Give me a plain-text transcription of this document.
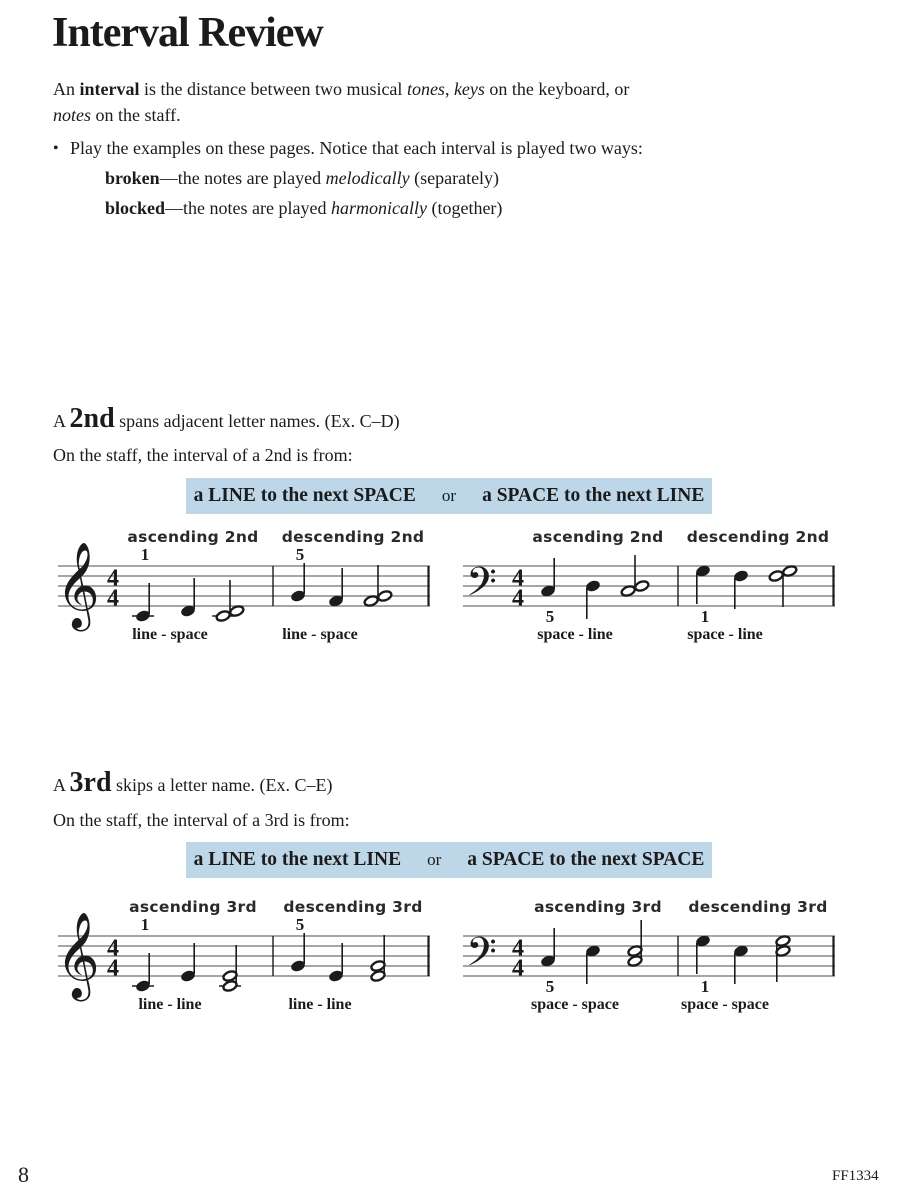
Interval Review
An interval is the distance between two musical tones, keys on the keyboard, or
notes on the staff.
• Play the examples on these pages. Notice that each interval is played two ways:
broken—the notes are played melodically (separately)
blocked—the notes are played harmonically (together)
A 2nd spans adjacent letter names. (Ex. C–D)
On the staff, the interval of a 2nd is from:
a LINE to the next SPACE or a SPACE to the next LINE
𝄞 4
4
ascending 2nd descending 2nd
1
line - space
5
line - space
𝄢 4
4
ascending 2nd descending 2nd
5
space - line
1
space - line
A 3rd skips a letter name. (Ex. C–E)
On the staff, the interval of a 3rd is from:
a LINE to the next LINE or a SPACE to the next SPACE
𝄞 4
4
ascending 3rd descending 3rd
1
line - line
5
line - line
𝄢 4
4
ascending 3rd descending 3rd
5
space - space
1
space - space
8	FF1334
